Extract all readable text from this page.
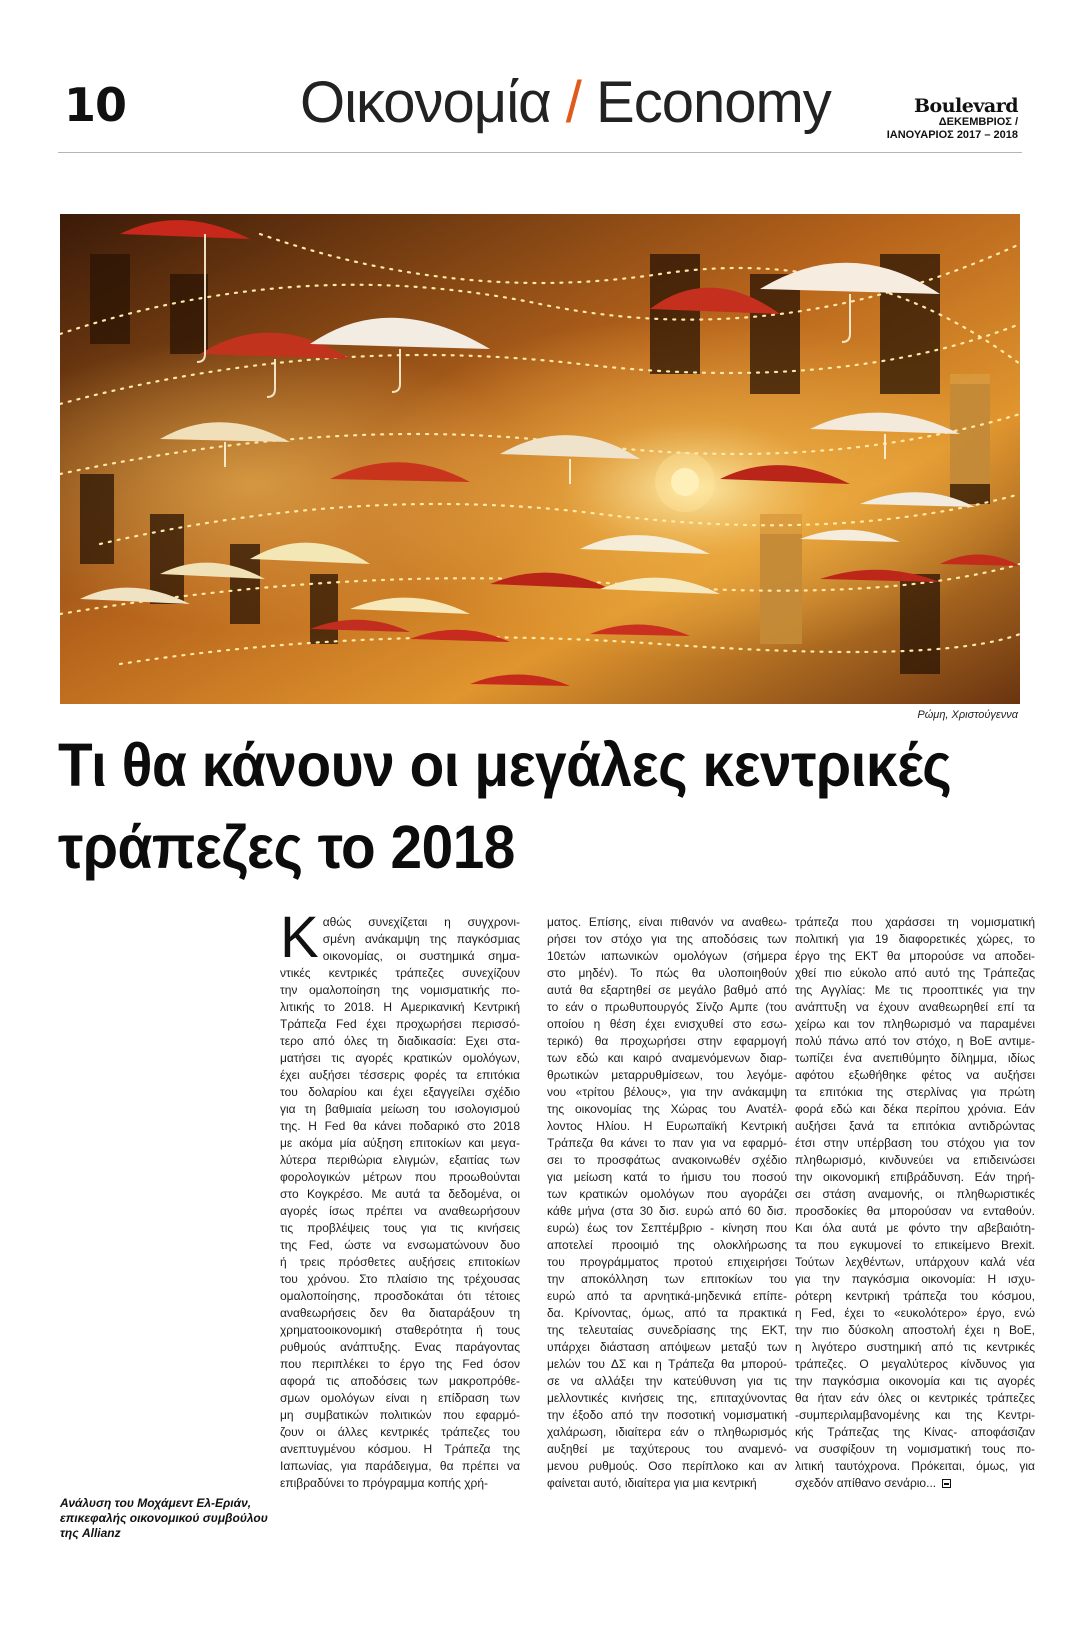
10	Οικονομία / Economy	Boulevard
ΔΕΚΕΜΒΡΙΟΣ /
ΙΑΝΟΥΑΡΙΟΣ 2017 – 2018
Ρώμη, Χριστούγεννα
Τι θα κάνουν οι μεγάλες κεντρικές
τράπεζες το 2018
Ανάλυση του Μοχάμεντ Ελ-Εριάν,
επικεφαλής οικονομικού συμβούλου
της Allianz
Κ αθώς συνεχίζεται η συγχρονι-
σμένη ανάκαμψη της παγκόσμιας
οικονομίας, οι συστημικά σημα-
ντικές κεντρικές τράπεζες συνεχίζουν
την ομαλοποίηση της νομισματικής πο-
λιτικής το 2018. Η Αμερικανική Κεντρική
Τράπεζα Fed έχει προχωρήσει περισσό-
τερο από όλες τη διαδικασία: Εχει στα-
ματήσει τις αγορές κρατικών ομολόγων,
έχει αυξήσει τέσσερις φορές τα επιτόκια
του δολαρίου και έχει εξαγγείλει σχέδιο
για τη βαθμιαία μείωση του ισολογισμού
της. Η Fed θα κάνει ποδαρικό στο 2018
με ακόμα μία αύξηση επιτοκίων και μεγα-
λύτερα περιθώρια ελιγμών, εξαιτίας των
φορολογικών μέτρων που προωθούνται
στο Κογκρέσο. Με αυτά τα δεδομένα, οι
αγορές ίσως πρέπει να αναθεωρήσουν
τις προβλέψεις τους για τις κινήσεις
της Fed, ώστε να ενσωματώνουν δυο
ή τρεις πρόσθετες αυξήσεις επιτοκίων
του χρόνου. Στο πλαίσιο της τρέχουσας
ομαλοποίησης, προσδοκάται ότι τέτοιες
αναθεωρήσεις δεν θα διαταράξουν τη
χρηματοοικονομική σταθερότητα ή τους
ρυθμούς ανάπτυξης. Ενας παράγοντας
που περιπλέκει το έργο της Fed όσον
αφορά τις αποδόσεις των μακροπρόθε-
σμων ομολόγων είναι η επίδραση των
μη συμβατικών πολιτικών που εφαρμό-
ζουν οι άλλες κεντρικές τράπεζες του
ανεπτυγμένου κόσμου. Η Τράπεζα της
Ιαπωνίας, για παράδειγμα, θα πρέπει να
επιβραδύνει το πρόγραμμα κοπής χρή-
ματος. Επίσης, είναι πιθανόν να αναθεω-
ρήσει τον στόχο για της αποδόσεις των
10ετών ιαπωνικών ομολόγων (σήμερα
στο μηδέν). Το πώς θα υλοποιηθούν
αυτά θα εξαρτηθεί σε μεγάλο βαθμό από
το εάν ο πρωθυπουργός Σίνζο Αμπε (του
οποίου η θέση έχει ενισχυθεί στο εσω-
τερικό) θα προχωρήσει στην εφαρμογή
των εδώ και καιρό αναμενόμενων διαρ-
θρωτικών μεταρρυθμίσεων, του λεγόμε-
νου «τρίτου βέλους», για την ανάκαμψη
της οικονομίας της Χώρας του Ανατέλ-
λοντος Ηλίου. Η Ευρωπαϊκή Κεντρική
Τράπεζα θα κάνει το παν για να εφαρμό-
σει το προσφάτως ανακοινωθέν σχέδιο
για μείωση κατά το ήμισυ του ποσού
των κρατικών ομολόγων που αγοράζει
κάθε μήνα (στα 30 δισ. ευρώ από 60 δισ.
ευρώ) έως τον Σεπτέμβριο - κίνηση που
αποτελεί προοιμιό της ολοκλήρωσης
του προγράμματος προτού επιχειρήσει
την αποκόλληση των επιτοκίων του
ευρώ από τα αρνητικά-μηδενικά επίπε-
δα. Κρίνοντας, όμως, από τα πρακτικά
της τελευταίας συνεδρίασης της ΕΚΤ,
υπάρχει διάσταση απόψεων μεταξύ των
μελών του ΔΣ και η Τράπεζα θα μπορού-
σε να αλλάξει την κατεύθυνση για τις
μελλοντικές κινήσεις της, επιταχύνοντας
την έξοδο από την ποσοτική νομισματική
χαλάρωση, ιδιαίτερα εάν ο πληθωρισμός
αυξηθεί με ταχύτερους του αναμενό-
μενου ρυθμούς. Οσο περίπλοκο και αν
φαίνεται αυτό, ιδιαίτερα για μια κεντρική
τράπεζα που χαράσσει τη νομισματική
πολιτική για 19 διαφορετικές χώρες, το
έργο της ΕΚΤ θα μπορούσε να αποδει-
χθεί πιο εύκολο από αυτό της Τράπεζας
της Αγγλίας: Με τις προοπτικές για την
ανάπτυξη να έχουν αναθεωρηθεί επί τα
χείρω και τον πληθωρισμό να παραμένει
πολύ πάνω από τον στόχο, η BoE αντιμε-
τωπίζει ένα ανεπιθύμητο δίλημμα, ιδίως
αφότου εξωθήθηκε φέτος να αυξήσει
τα επιτόκια της στερλίνας για πρώτη
φορά εδώ και δέκα περίπου χρόνια. Εάν
αυξήσει ξανά τα επιτόκια αντιδρώντας
έτσι στην υπέρβαση του στόχου για τον
πληθωρισμό, κινδυνεύει να επιδεινώσει
την οικονομική επιβράδυνση. Εάν τηρή-
σει στάση αναμονής, οι πληθωριστικές
προσδοκίες θα μπορούσαν να ενταθούν.
Και όλα αυτά με φόντο την αβεβαιότη-
τα που εγκυμονεί το επικείμενο Brexit.
Τούτων λεχθέντων, υπάρχουν καλά νέα
για την παγκόσμια οικονομία: Η ισχυ-
ρότερη κεντρική τράπεζα του κόσμου,
η Fed, έχει το «ευκολότερο» έργο, ενώ
την πιο δύσκολη αποστολή έχει η BoE,
η λιγότερο συστημική από τις κεντρικές
τράπεζες. Ο μεγαλύτερος κίνδυνος για
την παγκόσμια οικονομία και τις αγορές
θα ήταν εάν όλες οι κεντρικές τράπεζες
-συμπεριλαμβανομένης και της Κεντρι-
κής Τράπεζας της Κίνας- αποφάσιζαν
να συσφίξουν τη νομισματική τους πο-
λιτική ταυτόχρονα. Πρόκειται, όμως, για
σχεδόν απίθανο σενάριο...
